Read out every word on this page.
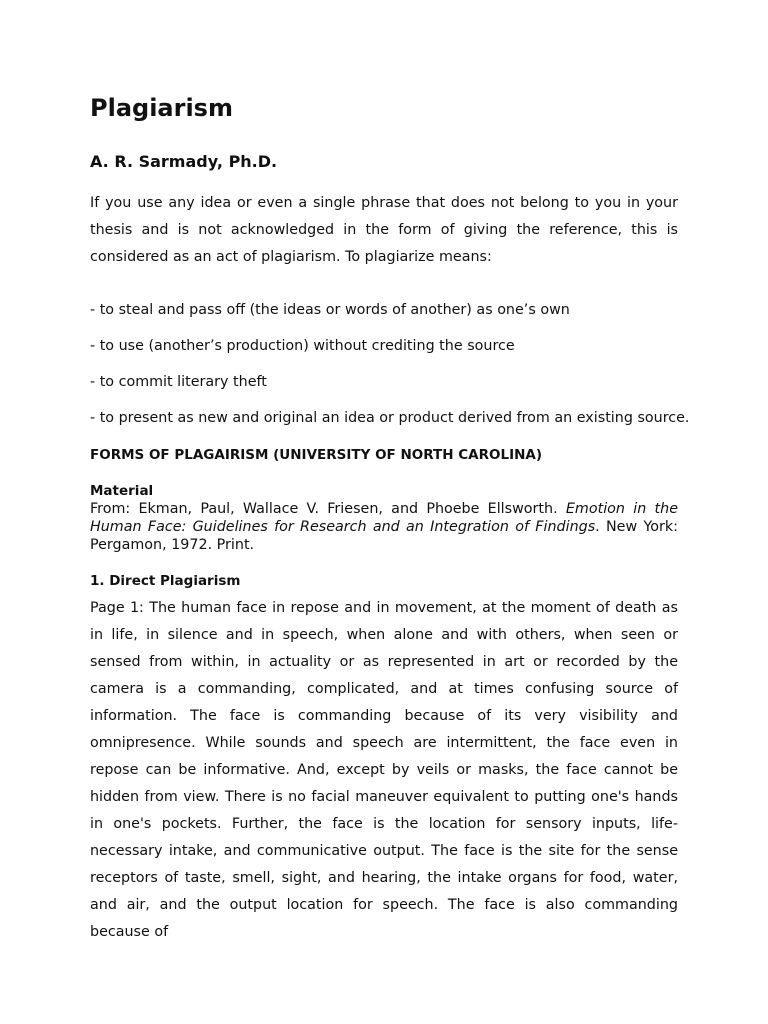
Plagiarism
A. R. Sarmady, Ph.D.

If you use any idea or even a single phrase that does not belong to you in your thesis and is not acknowledged in the form of giving the reference, this is considered as an act of plagiarism. To plagiarize means:

- to steal and pass off (the ideas or words of another) as one’s own
- to use (another’s production) without crediting the source
- to commit literary theft
- to present as new and original an idea or product derived from an existing source.
FORMS OF PLAGAIRISM (UNIVERSITY OF NORTH CAROLINA)
Material

From: Ekman, Paul, Wallace V. Friesen, and Phoebe Ellsworth. Emotion in the Human Face: Guidelines for Research and an Integration of Findings. New York: Pergamon, 1972. Print.

1. Direct Plagiarism

Page 1: The human face in repose and in movement, at the moment of death as in life, in silence and in speech, when alone and with others, when seen or sensed from within, in actuality or as represented in art or recorded by the camera is a commanding, complicated, and at times confusing source of information. The face is commanding because of its very visibility and omnipresence. While sounds and speech are intermittent, the face even in repose can be informative. And, except by veils or masks, the face cannot be hidden from view. There is no facial maneuver equivalent to putting one's hands in one's pockets. Further, the face is the location for sensory inputs, life-necessary intake, and communicative output. The face is the site for the sense receptors of taste, smell, sight, and hearing, the intake organs for food, water, and air, and the output location for speech. The face is also commanding because of
